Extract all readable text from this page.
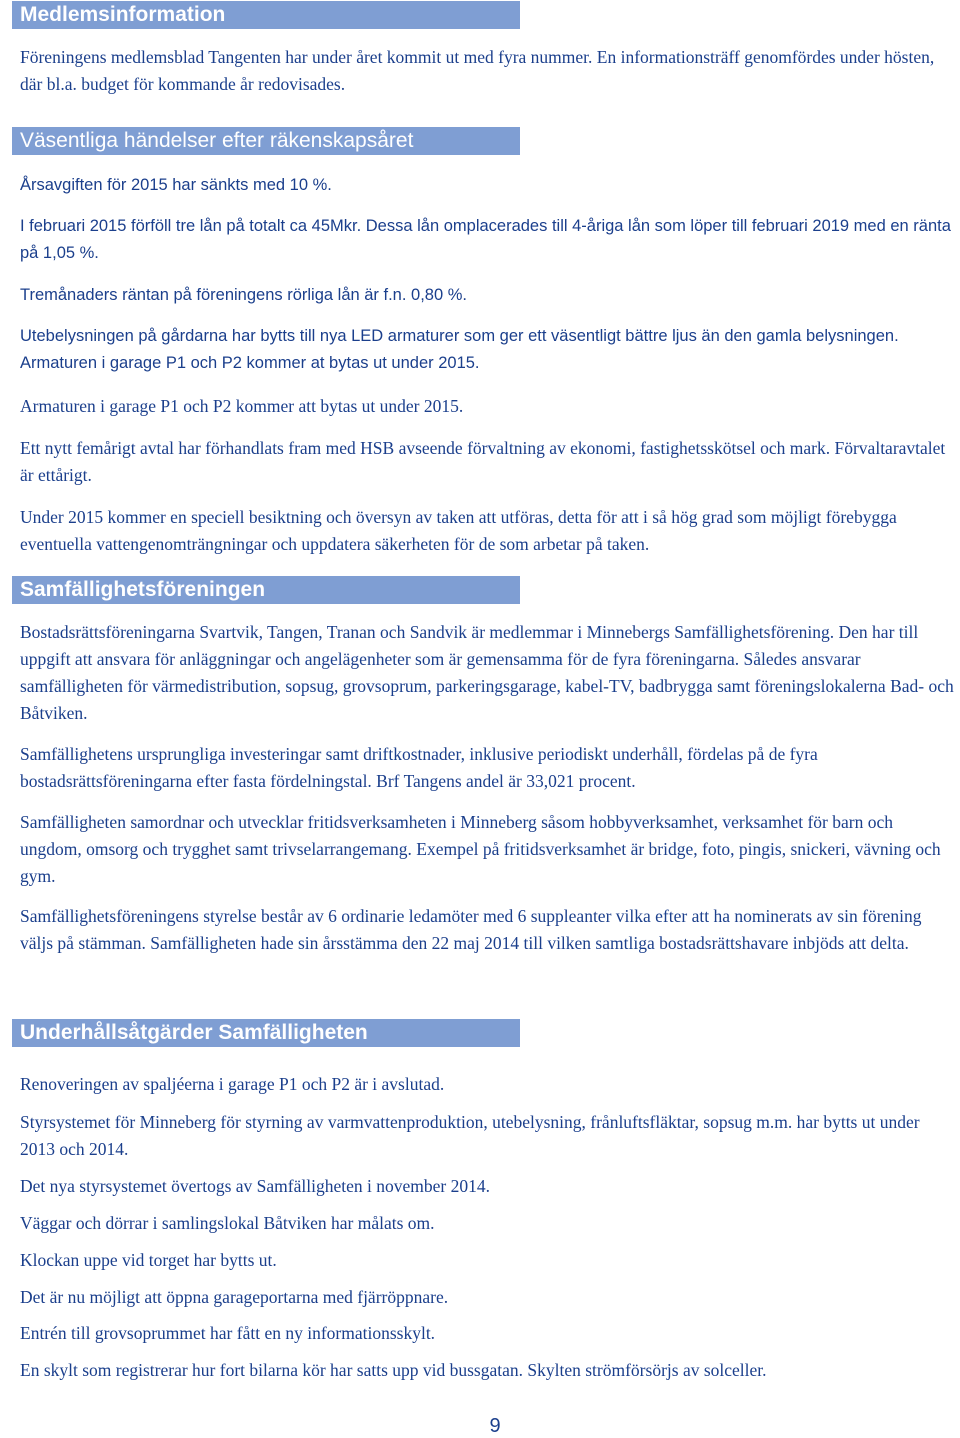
Medlemsinformation

Föreningens medlemsblad Tangenten har under året kommit ut med fyra nummer. En informationsträff genomfördes under hösten, där bl.a. budget för kommande år redovisades.

Väsentliga händelser efter räkenskapsåret

Årsavgiften för 2015 har sänkts med 10 %.

I februari 2015 förföll tre lån på totalt ca 45Mkr. Dessa lån omplacerades till 4-åriga lån som löper till februari 2019 med en ränta på 1,05 %.

Tremånaders räntan på föreningens rörliga lån är f.n. 0,80 %.

Utebelysningen på gårdarna har bytts till nya LED armaturer som ger ett väsentligt bättre ljus än den gamla belysningen. Armaturen i garage P1 och P2 kommer at bytas ut under 2015.

Armaturen i garage P1 och P2 kommer att bytas ut under 2015.

Ett nytt femårigt avtal har förhandlats fram med HSB avseende förvaltning av ekonomi, fastighetsskötsel och mark. Förvaltaravtalet är ettårigt.

Under 2015 kommer en speciell besiktning och översyn av taken att utföras, detta för att i så hög grad som möjligt förebygga eventuella vattengenomträngningar och uppdatera säkerheten för de som arbetar på taken.

Samfällighetsföreningen

Bostadsrättsföreningarna Svartvik, Tangen, Tranan och Sandvik är medlemmar i Minnebergs Samfällighetsförening. Den har till uppgift att ansvara för anläggningar och angelägenheter som är gemensamma för de fyra föreningarna. Således ansvarar samfälligheten för värmedistribution, sopsug, grovsoprum, parkeringsgarage, kabel-TV, badbrygga samt föreningslokalerna Bad- och Båtviken.

Samfällighetens ursprungliga investeringar samt driftkostnader, inklusive periodiskt underhåll, fördelas på de fyra bostadsrättsföreningarna efter fasta fördelningstal. Brf Tangens andel är 33,021 procent.

Samfälligheten samordnar och utvecklar fritidsverksamheten i Minneberg såsom hobbyverksamhet, verksamhet för barn och ungdom, omsorg och trygghet samt trivselarrangemang. Exempel på fritidsverksamhet är bridge, foto, pingis, snickeri, vävning och gym.

Samfällighetsföreningens styrelse består av 6 ordinarie ledamöter med 6 suppleanter vilka efter att ha nominerats av sin förening väljs på stämman. Samfälligheten hade sin årsstämma den 22 maj 2014 till vilken samtliga bostadsrättshavare inbjöds att delta.

Underhållsåtgärder Samfälligheten

Renoveringen av spaljéerna i garage P1 och P2 är i avslutad.

Styrsystemet för Minneberg för styrning av varmvattenproduktion, utebelysning, frånluftsfläktar, sopsug m.m. har bytts ut under 2013 och 2014.

Det nya styrsystemet övertogs av Samfälligheten i november 2014.

Väggar och dörrar i samlingslokal Båtviken har målats om.

Klockan uppe vid torget har bytts ut.

Det är nu möjligt att öppna garageportarna med fjärröppnare.

Entrén till grovsoprummet har fått en ny informationsskylt.

En skylt som registrerar hur fort bilarna kör har satts upp vid bussgatan. Skylten strömförsörjs av solceller.

9
